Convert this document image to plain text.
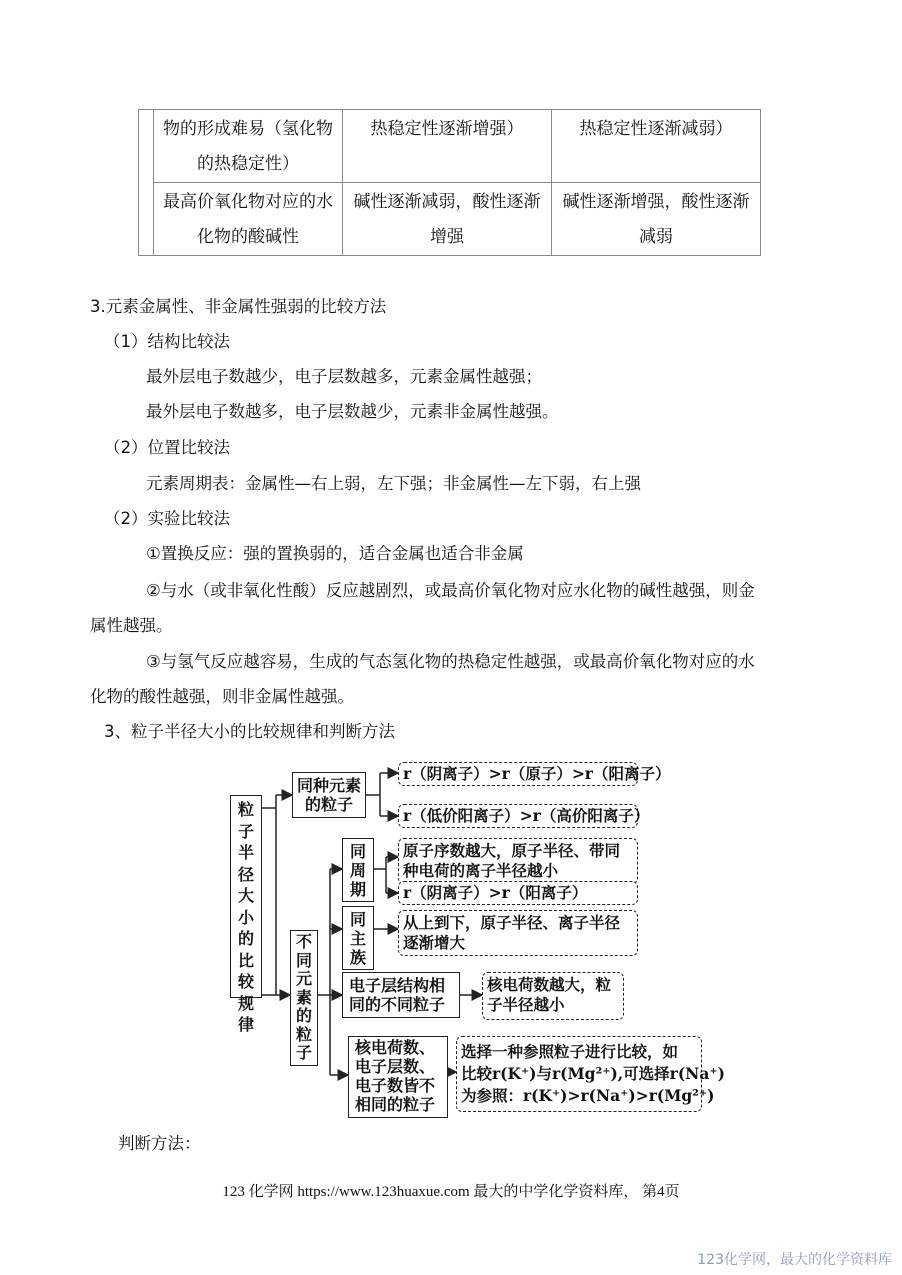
	物的形成难易（氢化物的热稳定性）	热稳定性逐渐增强）	热稳定性逐渐减弱）
	最高价氧化物对应的水化物的酸碱性	碱性逐渐减弱，酸性逐渐增强	碱性逐渐增强，酸性逐渐减弱
3.元素金属性、非金属性强弱的比较方法
（1）结构比较法
最外层电子数越少，电子层数越多，元素金属性越强；
最外层电子数越多，电子层数越少，元素非金属性越强。
（2）位置比较法
元素周期表：金属性—右上弱，左下强；非金属性—左下弱，右上强
（2）实验比较法
①置换反应：强的置换弱的，适合金属也适合非金属
②与水（或非氧化性酸）反应越剧烈，或最高价氧化物对应水化物的碱性越强，则金
属性越强。
③与氢气反应越容易，生成的气态氢化物的热稳定性越强，或最高价氧化物对应的水
化物的酸性越强，则非金属性越强。
3、粒子半径大小的比较规律和判断方法
粒
子
半
径
大
小
的
比
较
规
律
同种元素
的粒子
r（阴离子）>r（原子）>r（阳离子）
r（低价阳离子）>r（高价阳离子）
不
同
元
素
的
粒
子
同
周
期
原子序数越大，原子半径、带同
种电荷的离子半径越小
r（阴离子）>r（阳离子）
同
主
族
从上到下，原子半径、离子半径
逐渐增大
电子层结构相
同的不同粒子
核电荷数越大，粒
子半径越小
核电荷数、
电子层数、
电子数皆不
相同的粒子
选择一种参照粒子进行比较，如
比较r(K⁺)与r(Mg²⁺),可选择r(Na⁺)
为参照：r(K⁺)>r(Na⁺)>r(Mg²⁺)
判断方法：
123 化学网 https://www.123huaxue.com 最大的中学化学资料库， 第4页
123化学网，最大的化学资料库
